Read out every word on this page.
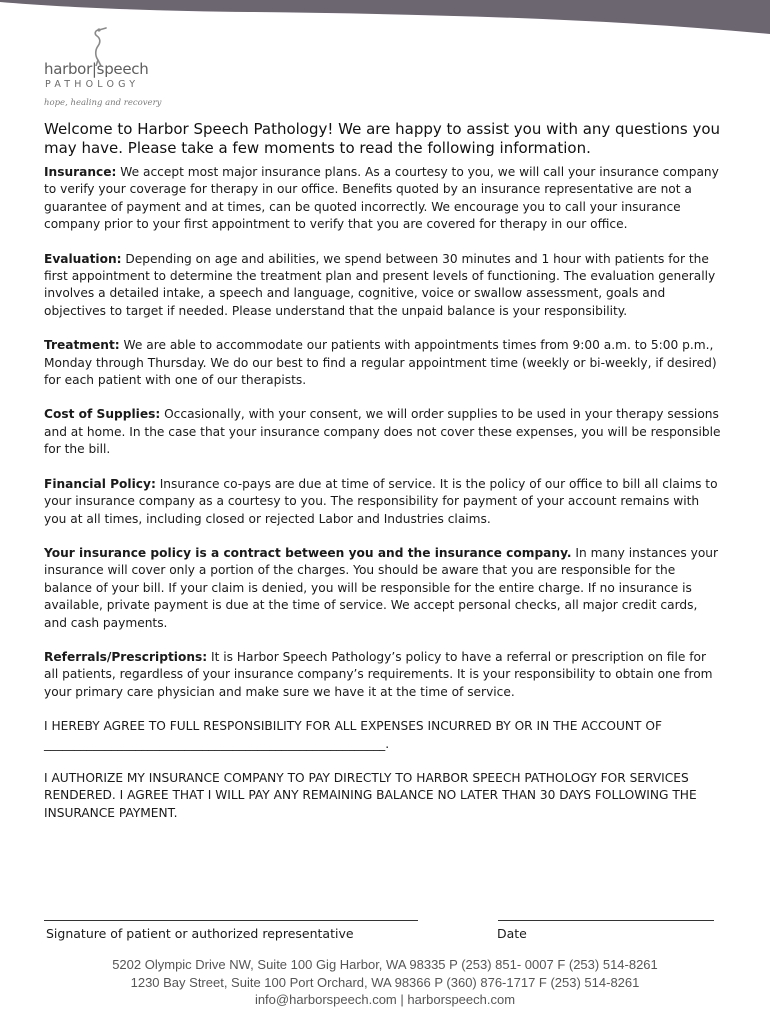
harbor|speech
PATHOLOGY
hope, healing and recovery
Welcome to Harbor Speech Pathology! We are happy to assist you with any questions you may have. Please take a few moments to read the following information.

Insurance: We accept most major insurance plans. As a courtesy to you, we will call your insurance company to verify your coverage for therapy in our office. Benefits quoted by an insurance representative are not a guarantee of payment and at times, can be quoted incorrectly. We encourage you to call your insurance company prior to your first appointment to verify that you are covered for therapy in our office.

Evaluation: Depending on age and abilities, we spend between 30 minutes and 1 hour with patients for the first appointment to determine the treatment plan and present levels of functioning. The evaluation generally involves a detailed intake, a speech and language, cognitive, voice or swallow assessment, goals and objectives to target if needed. Please understand that the unpaid balance is your responsibility.

Treatment: We are able to accommodate our patients with appointments times from 9:00 a.m. to 5:00 p.m., Monday through Thursday. We do our best to find a regular appointment time (weekly or bi-weekly, if desired) for each patient with one of our therapists.

Cost of Supplies: Occasionally, with your consent, we will order supplies to be used in your therapy sessions and at home. In the case that your insurance company does not cover these expenses, you will be responsible for the bill.

Financial Policy: Insurance co-pays are due at time of service. It is the policy of our office to bill all claims to your insurance company as a courtesy to you. The responsibility for payment of your account remains with you at all times, including closed or rejected Labor and Industries claims.

Your insurance policy is a contract between you and the insurance company. In many instances your insurance will cover only a portion of the charges. You should be aware that you are responsible for the balance of your bill. If your claim is denied, you will be responsible for the entire charge. If no insurance is available, private payment is due at the time of service. We accept personal checks, all major credit cards, and cash payments.

Referrals/Prescriptions: It is Harbor Speech Pathology’s policy to have a referral or prescription on file for all patients, regardless of your insurance company’s requirements. It is your responsibility to obtain one from your primary care physician and make sure we have it at the time of service.

I HEREBY AGREE TO FULL RESPONSIBILITY FOR ALL EXPENSES INCURRED BY OR IN THE ACCOUNT OF ________________________________________________________.

I AUTHORIZE MY INSURANCE COMPANY TO PAY DIRECTLY TO HARBOR SPEECH PATHOLOGY FOR SERVICES RENDERED. I AGREE THAT I WILL PAY ANY REMAINING BALANCE NO LATER THAN 30 DAYS FOLLOWING THE INSURANCE PAYMENT.

Signature of patient or authorized representative	Date
5202 Olympic Drive NW, Suite 100 Gig Harbor, WA 98335 P (253) 851- 0007 F (253) 514-8261
1230 Bay Street, Suite 100 Port Orchard, WA 98366 P (360) 876-1717 F (253) 514-8261
info@harborspeech.com | harborspeech.com
